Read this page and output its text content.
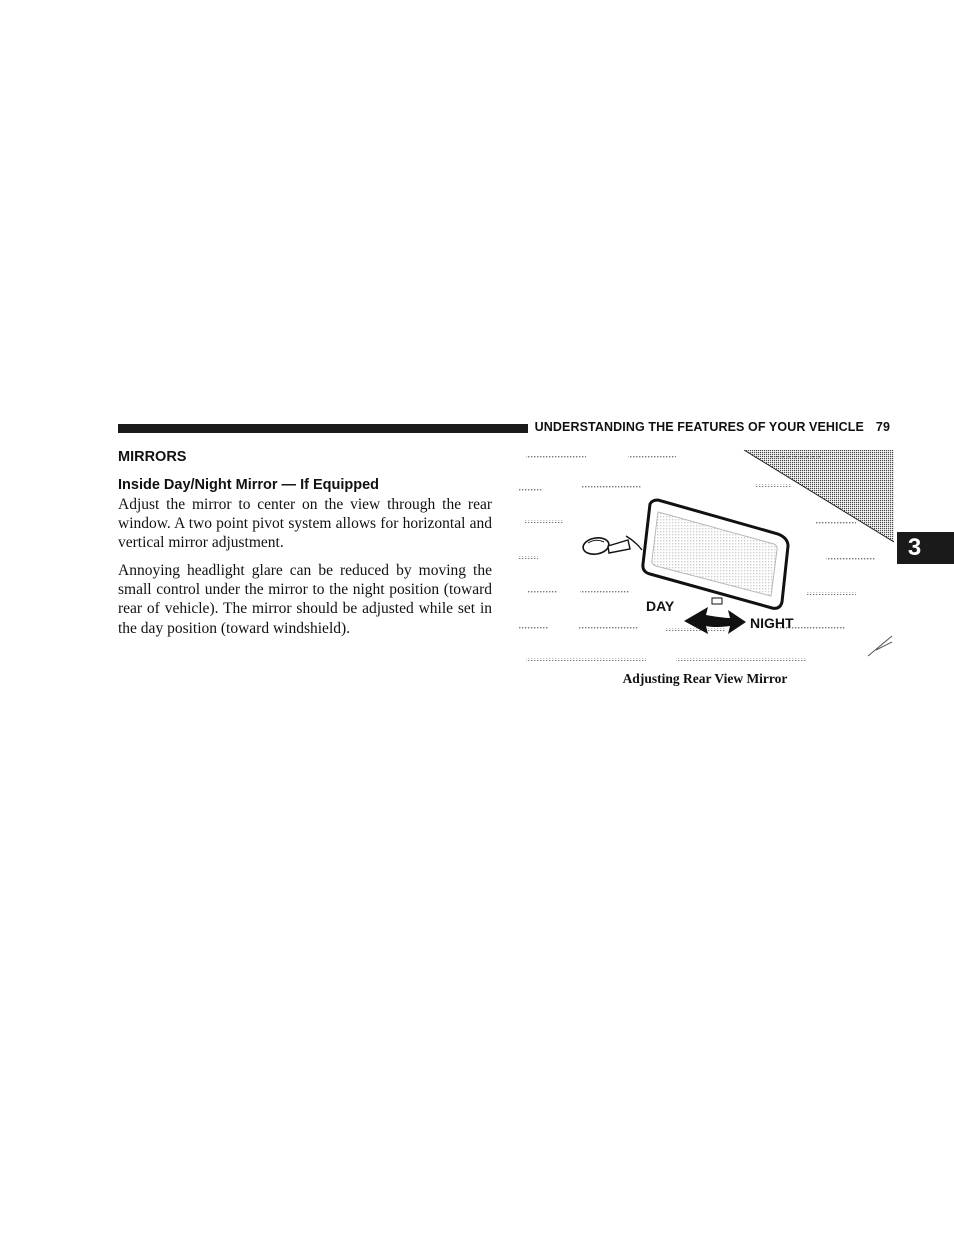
UNDERSTANDING THE FEATURES OF YOUR VEHICLE 79
3
MIRRORS
Inside Day/Night Mirror — If Equipped

Adjust the mirror to center on the view through the rear window. A two point pivot system allows for horizontal and vertical mirror adjustment.

Annoying headlight glare can be reduced by moving the small control under the mirror to the night position (toward rear of vehicle). The mirror should be adjusted while set in the day position (toward windshield).

DAY
NIGHT
Adjusting Rear View Mirror
